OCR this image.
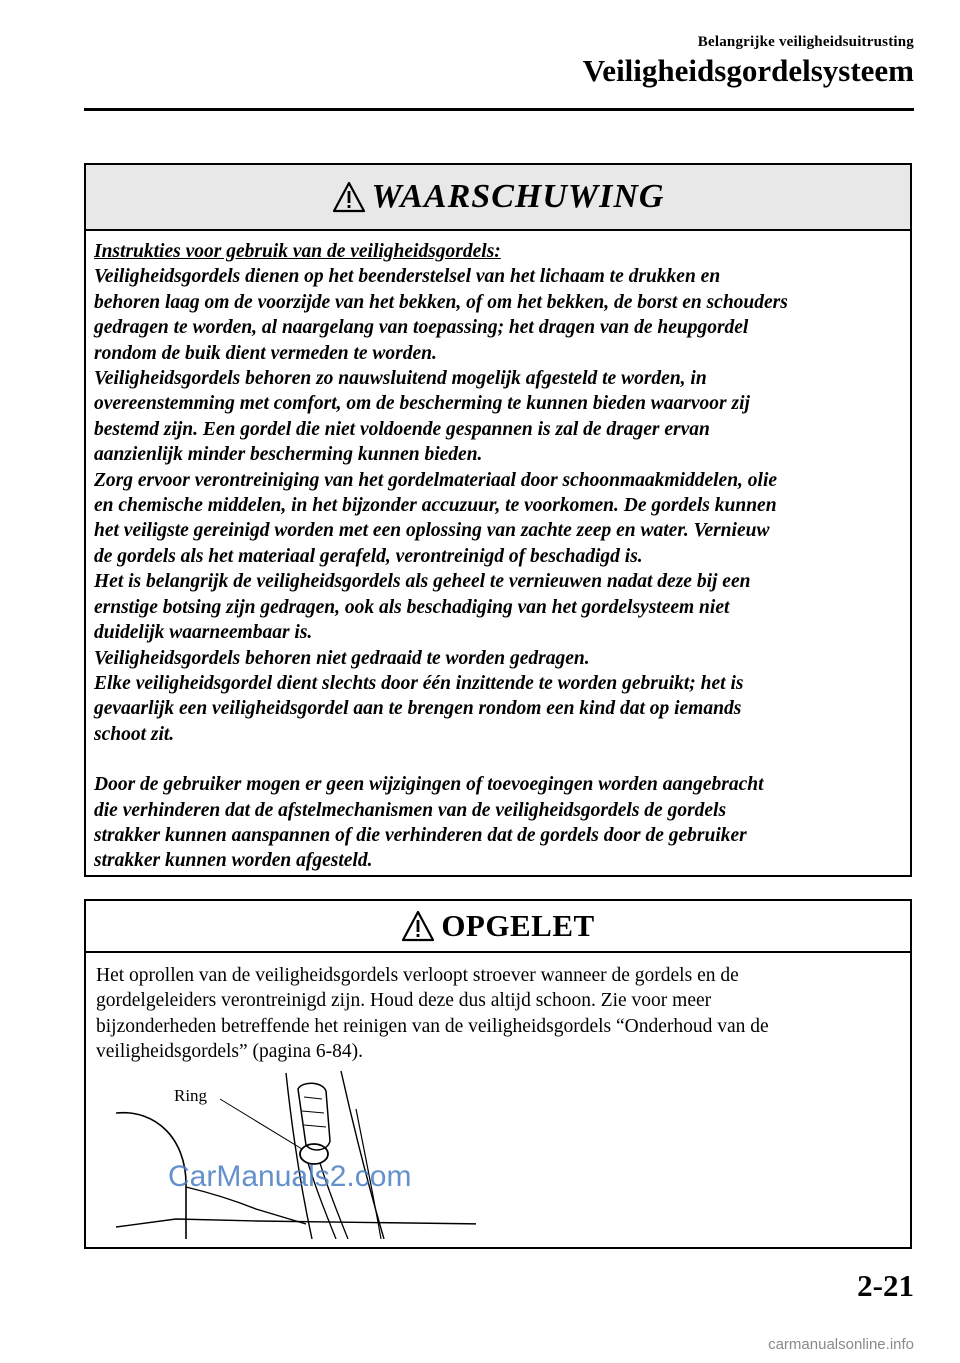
Belangrijke veiligheidsuitrusting
Veiligheidsgordelsysteem
WAARSCHUWING

Instrukties voor gebruik van de veiligheidsgordels:

Veiligheidsgordels dienen op het beenderstelsel van het lichaam te drukken en

behoren laag om de voorzijde van het bekken, of om het bekken, de borst en schouders

gedragen te worden, al naargelang van toepassing; het dragen van de heupgordel

rondom de buik dient vermeden te worden.

Veiligheidsgordels behoren zo nauwsluitend mogelijk afgesteld te worden, in

overeenstemming met comfort, om de bescherming te kunnen bieden waarvoor zij

bestemd zijn. Een gordel die niet voldoende gespannen is zal de drager ervan

aanzienlijk minder bescherming kunnen bieden.

Zorg ervoor verontreiniging van het gordelmateriaal door schoonmaakmiddelen, olie

en chemische middelen, in het bijzonder accuzuur, te voorkomen. De gordels kunnen

het veiligste gereinigd worden met een oplossing van zachte zeep en water. Vernieuw

de gordels als het materiaal gerafeld, verontreinigd of beschadigd is.

Het is belangrijk de veiligheidsgordels als geheel te vernieuwen nadat deze bij een

ernstige botsing zijn gedragen, ook als beschadiging van het gordelsysteem niet

duidelijk waarneembaar is.

Veiligheidsgordels behoren niet gedraaid te worden gedragen.

Elke veiligheidsgordel dient slechts door één inzittende te worden gebruikt; het is

gevaarlijk een veiligheidsgordel aan te brengen rondom een kind dat op iemands

schoot zit.

Door de gebruiker mogen er geen wijzigingen of toevoegingen worden aangebracht

die verhinderen dat de afstelmechanismen van de veiligheidsgordels de gordels

strakker kunnen aanspannen of die verhinderen dat de gordels door de gebruiker

strakker kunnen worden afgesteld.

OPGELET

Het oprollen van de veiligheidsgordels verloopt stroever wanneer de gordels en de

gordelgeleiders verontreinigd zijn. Houd deze dus altijd schoon. Zie voor meer

bijzonderheden betreffende het reinigen van de veiligheidsgordels “Onderhoud van de

veiligheidsgordels” (pagina 6-84).

Ring
CarManuals2.com
2-21
carmanualsonline.info
